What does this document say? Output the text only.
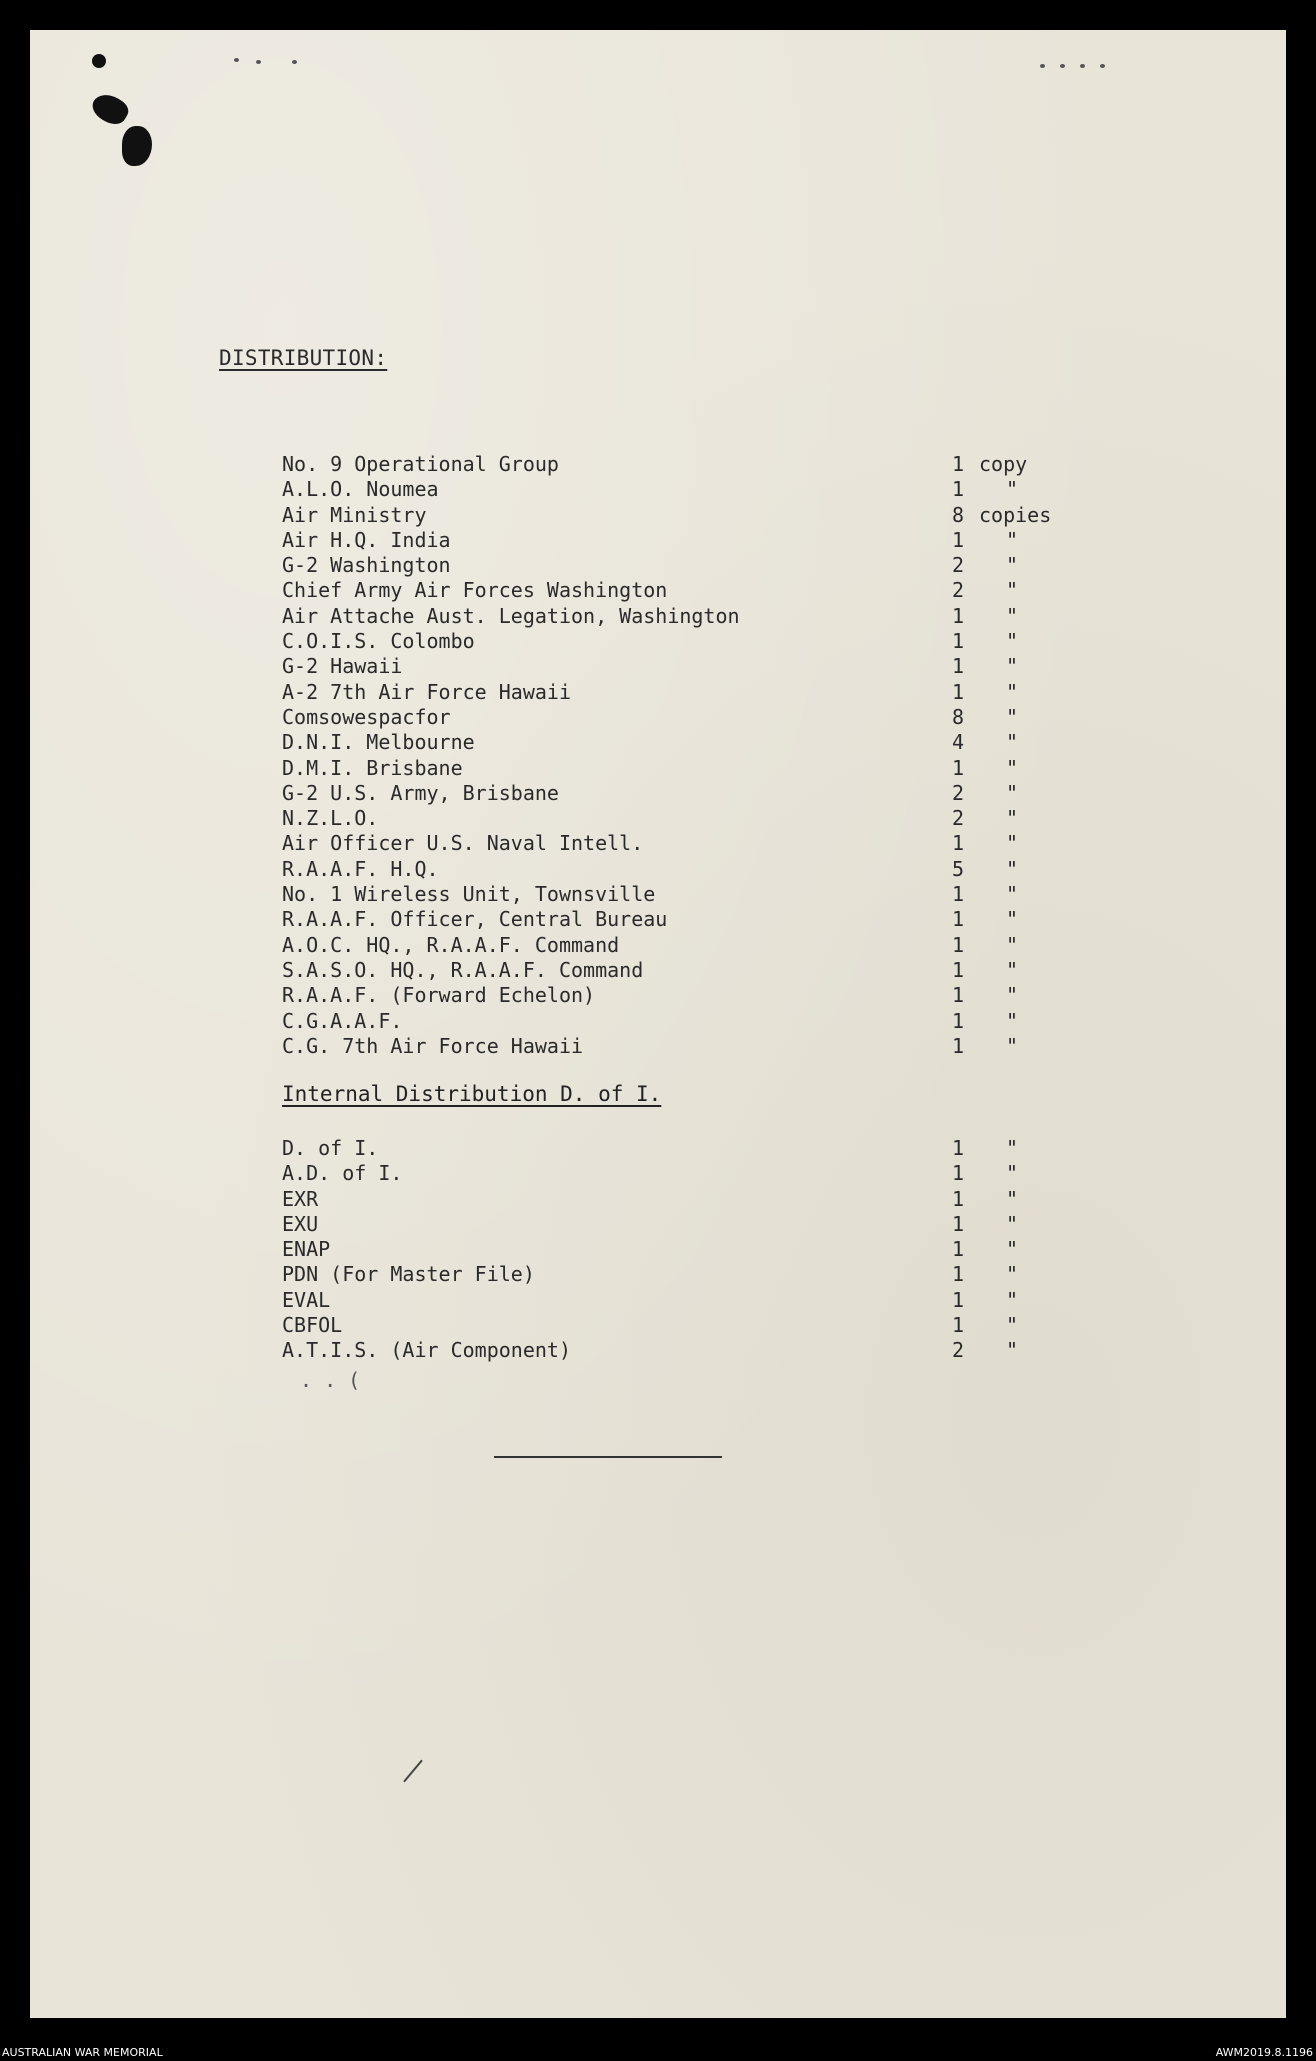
DISTRIBUTION:
No. 9 Operational Group	1 copy
A.L.O. Noumea	1 "
Air Ministry	8 copies
Air H.Q. India	1 "
G-2 Washington	2 "
Chief Army Air Forces Washington	2 "
Air Attache Aust. Legation, Washington	1 "
C.O.I.S. Colombo	1 "
G-2 Hawaii	1 "
A-2 7th Air Force Hawaii	1 "
Comsowespacfor	8 "
D.N.I. Melbourne	4 "
D.M.I. Brisbane	1 "
G-2 U.S. Army, Brisbane	2 "
N.Z.L.O.	2 "
Air Officer U.S. Naval Intell.	1 "
R.A.A.F. H.Q.	5 "
No. 1 Wireless Unit, Townsville	1 "
R.A.A.F. Officer, Central Bureau	1 "
A.O.C. HQ., R.A.A.F. Command	1 "
S.A.S.O. HQ., R.A.A.F. Command	1 "
R.A.A.F. (Forward Echelon)	1 "
C.G.A.A.F.	1 "
C.G. 7th Air Force Hawaii	1 "
Internal Distribution D. of I.
D. of I.	1 "
A.D. of I.	1 "
EXR	1 "
EXU	1 "
ENAP	1 "
PDN (For Master File)	1 "
EVAL	1 "
CBFOL	1 "
A.T.I.S. (Air Component)	2 "
. . (
AUSTRALIAN WAR MEMORIAL	AWM2019.8.1196
